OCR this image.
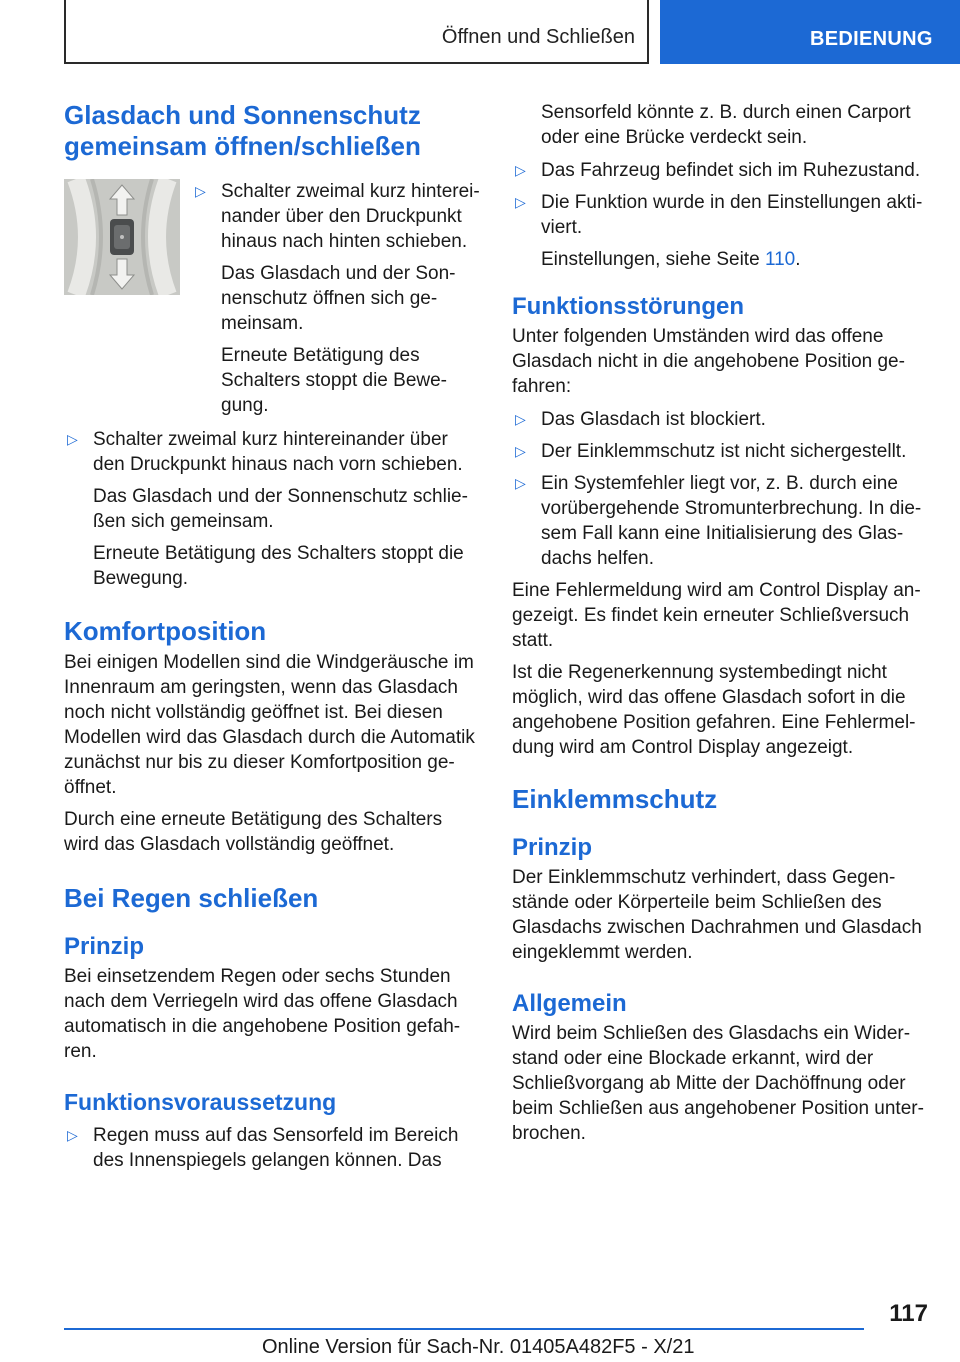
Öffnen und Schließen	BEDIENUNG
Glasdach und Sonnenschutz
gemeinsam öffnen/schließen
▷ Schalter zweimal kurz hinterei-
nander über den Druckpunkt
hinaus nach hinten schieben.

Das Glasdach und der Son-
nenschutz öffnen sich ge-
meinsam.

Erneute Betätigung des
Schalters stoppt die Bewe-
gung.

▷ Schalter zweimal kurz hintereinander über
den Druckpunkt hinaus nach vorn schieben.

Das Glasdach und der Sonnenschutz schlie-
ßen sich gemeinsam.

Erneute Betätigung des Schalters stoppt die
Bewegung.

Komfortposition

Bei einigen Modellen sind die Windgeräusche im
Innenraum am geringsten, wenn das Glasdach
noch nicht vollständig geöffnet ist. Bei diesen
Modellen wird das Glasdach durch die Automatik
zunächst nur bis zu dieser Komfortposition ge-
öffnet.

Durch eine erneute Betätigung des Schalters
wird das Glasdach vollständig geöffnet.

Bei Regen schließen
Prinzip

Bei einsetzendem Regen oder sechs Stunden
nach dem Verriegeln wird das offene Glasdach
automatisch in die angehobene Position gefah-
ren.

Funktionsvoraussetzung
▷ Regen muss auf das Sensorfeld im Bereich
des Innenspiegels gelangen können. Das

Sensorfeld könnte z. B. durch einen Carport
oder eine Brücke verdeckt sein.

▷ Das Fahrzeug befindet sich im Ruhezustand.

▷ Die Funktion wurde in den Einstellungen akti-
viert.

Einstellungen, siehe Seite 110.

Funktionsstörungen

Unter folgenden Umständen wird das offene
Glasdach nicht in die angehobene Position ge-
fahren:

▷ Das Glasdach ist blockiert.

▷ Der Einklemmschutz ist nicht sichergestellt.

▷ Ein Systemfehler liegt vor, z. B. durch eine
vorübergehende Stromunterbrechung. In die-
sem Fall kann eine Initialisierung des Glas-
dachs helfen.

Eine Fehlermeldung wird am Control Display an-
gezeigt. Es findet kein erneuter Schließversuch
statt.

Ist die Regenerkennung systembedingt nicht
möglich, wird das offene Glasdach sofort in die
angehobene Position gefahren. Eine Fehlermel-
dung wird am Control Display angezeigt.

Einklemmschutz
Prinzip

Der Einklemmschutz verhindert, dass Gegen-
stände oder Körperteile beim Schließen des
Glasdachs zwischen Dachrahmen und Glasdach
eingeklemmt werden.

Allgemein

Wird beim Schließen des Glasdachs ein Wider-
stand oder eine Blockade erkannt, wird der
Schließvorgang ab Mitte der Dachöffnung oder
beim Schließen aus angehobener Position unter-
brochen.

117
Online Version für Sach-Nr. 01405A482F5 - X/21
